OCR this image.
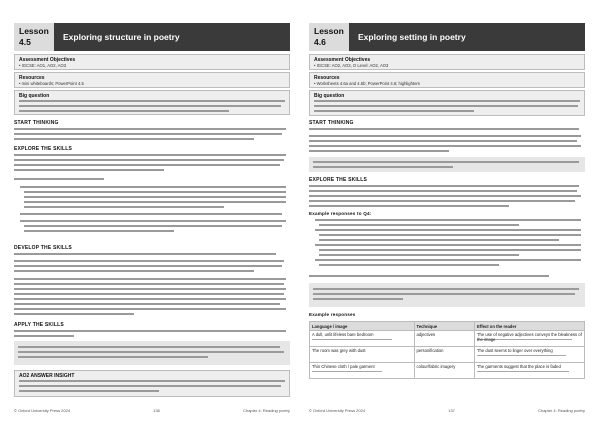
Lesson
4.5	Exploring structure in poetry
Assessment Objectives
• IGCSE: AO1, AO2, AO3
Resources
• mini whiteboards; PowerPoint 4.5
Big question
START THINKING
EXPLORE THE SKILLS
DEVELOP THE SKILLS
APPLY THE SKILLS
AO2 ANSWER INSIGHT
© Oxford University Press 2024	136	Chapter 4: Reading poetry
Lesson
4.6	Exploring setting in poetry
Assessment Objectives
• IGCSE: AO2, AO3, O Level: AO2, AO3
Resources
• Worksheets 4.6a and 4.6b; PowerPoint 4.6; highlighters
Big question
START THINKING
EXPLORE THE SKILLS
Example responses to Q4:
Example responses
Language / image	Technique	Effect on the reader

A dull, unlit lifeless bare bedroom	adjectives	The use of negative adjectives conveys the bleakness of the image

The room was grey with dust	personification	The dust seems to linger over everything

Thin Chinese cloth / pale garment	colour/fabric imagery	The garments suggest that the place is faded
© Oxford University Press 2024	137	Chapter 4: Reading poetry
